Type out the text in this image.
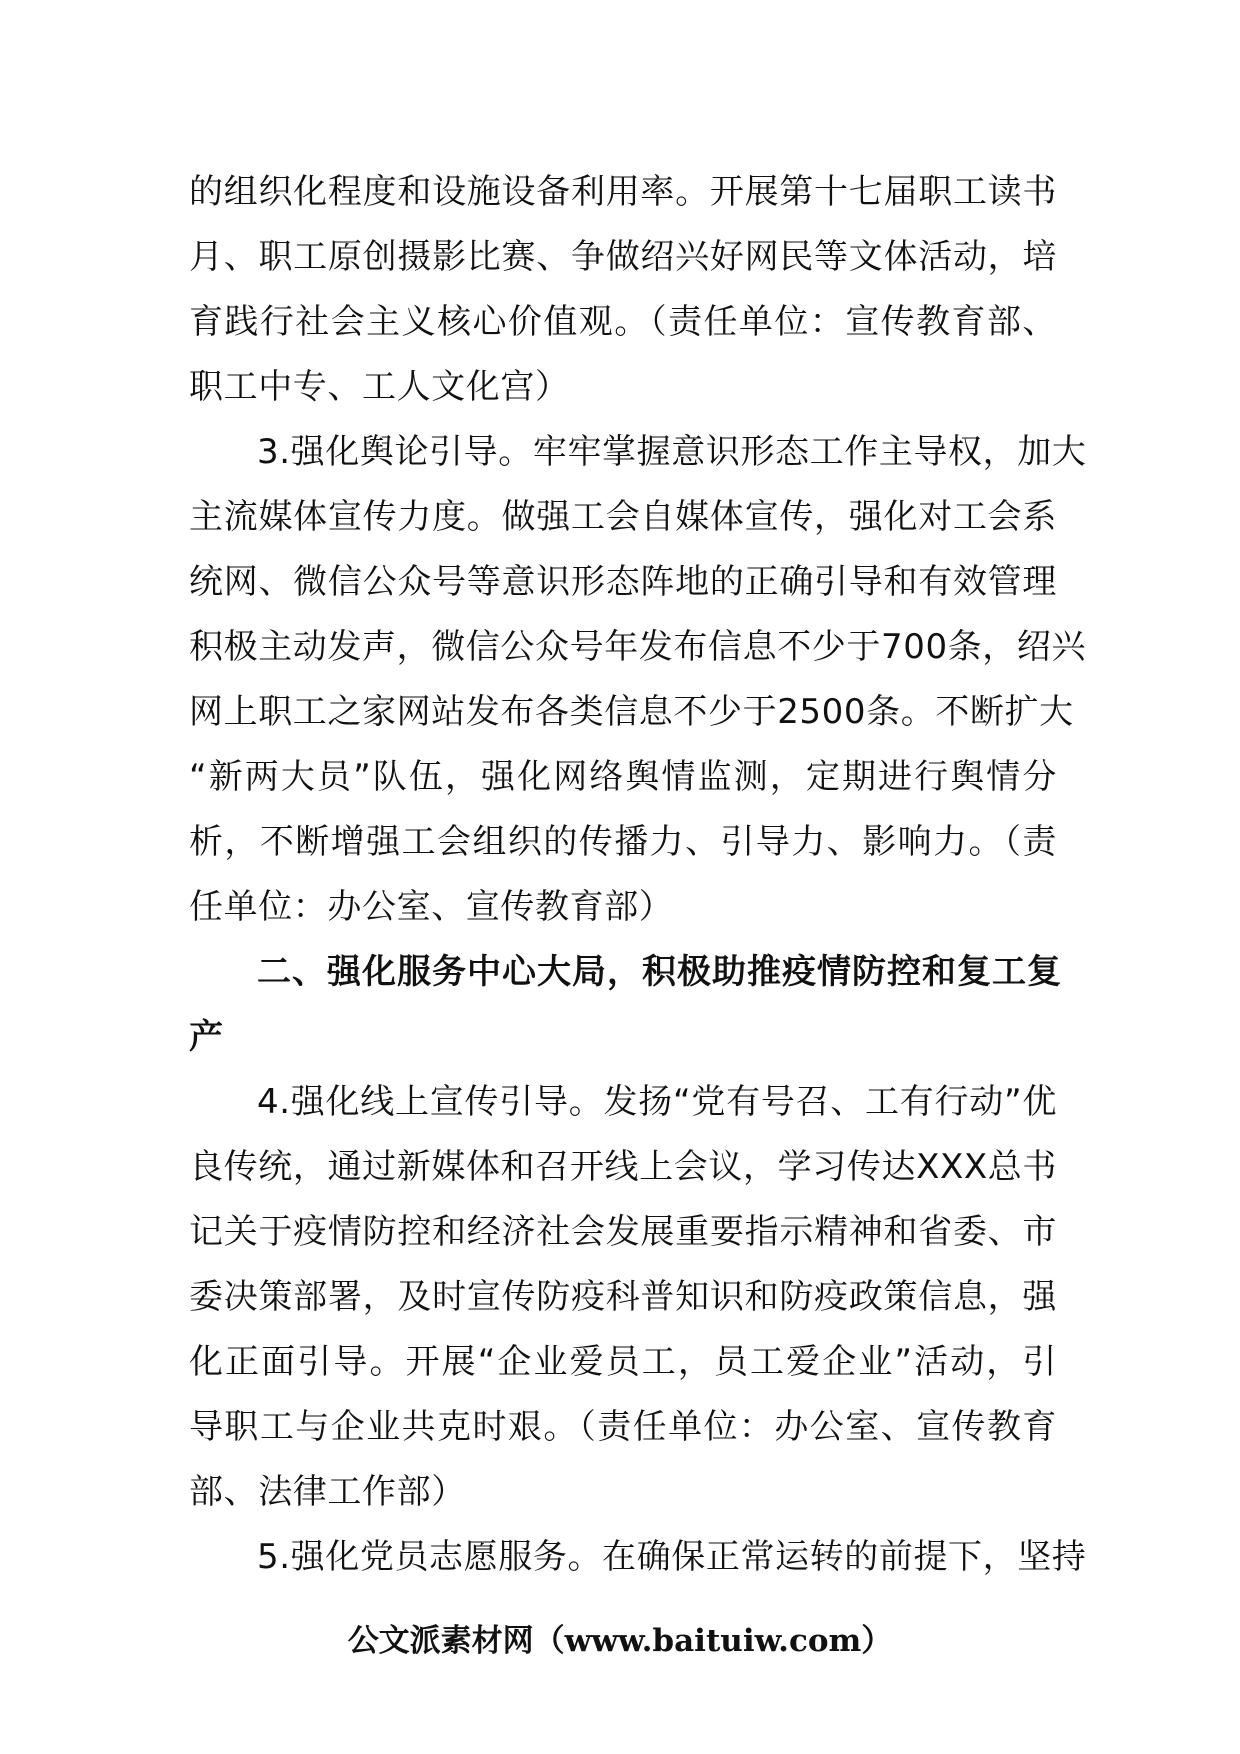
的组织化程度和设施设备利用率。开展第十七届职工读书
月、职工原创摄影比赛、争做绍兴好网民等文体活动，培
育践行社会主义核心价值观。（责任单位：宣传教育部、
职工中专、工人文化宫）
3.强化舆论引导。牢牢掌握意识形态工作主导权，加大
主流媒体宣传力度。做强工会自媒体宣传，强化对工会系
统网、微信公众号等意识形态阵地的正确引导和有效管理
积极主动发声，微信公众号年发布信息不少于700条，绍兴
网上职工之家网站发布各类信息不少于2500条。不断扩大
“新两大员”队伍，强化网络舆情监测，定期进行舆情分
析，不断增强工会组织的传播力、引导力、影响力。（责
任单位：办公室、宣传教育部）
二、强化服务中心大局，积极助推疫情防控和复工复
产
4.强化线上宣传引导。发扬“党有号召、工有行动”优
良传统，通过新媒体和召开线上会议，学习传达XXX总书
记关于疫情防控和经济社会发展重要指示精神和省委、市
委决策部署，及时宣传防疫科普知识和防疫政策信息，强
化正面引导。开展“企业爱员工，员工爱企业”活动，引
导职工与企业共克时艰。（责任单位：办公室、宣传教育
部、法律工作部）
5.强化党员志愿服务。在确保正常运转的前提下，坚持
公文派素材网（www.baituiw.com）
